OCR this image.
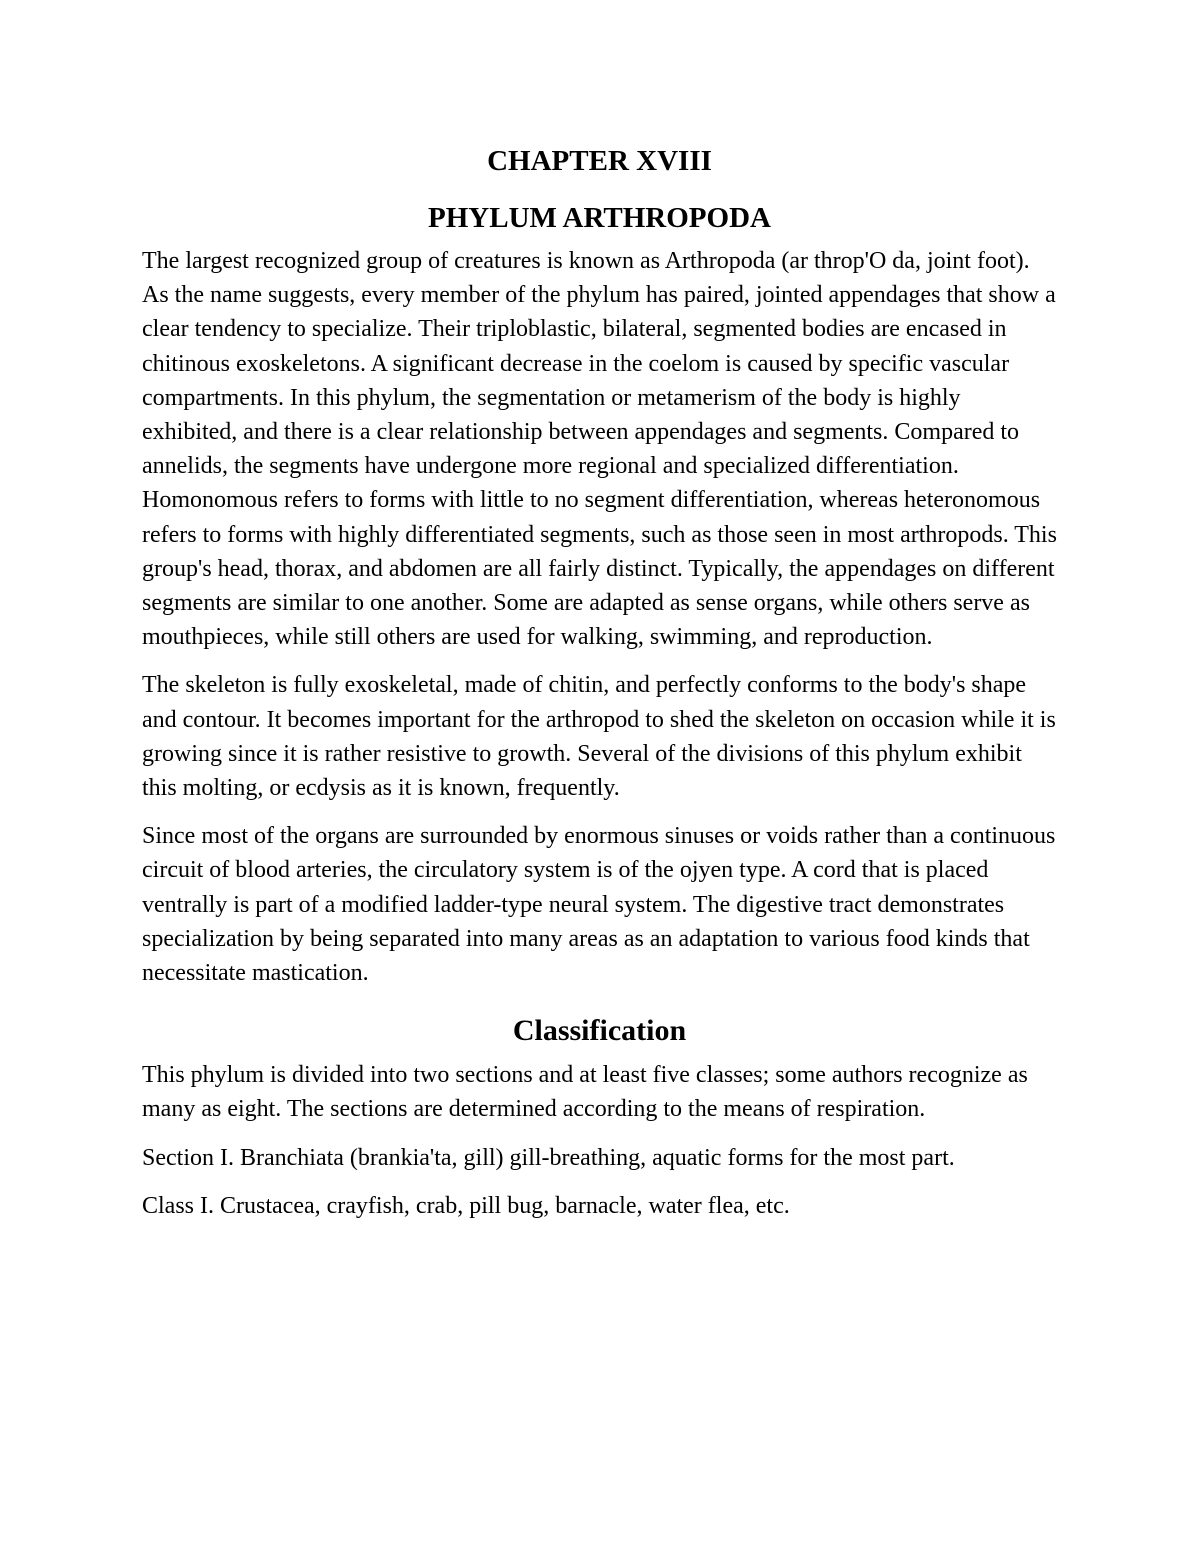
CHAPTER XVIII
PHYLUM ARTHROPODA

The largest recognized group of creatures is known as Arthropoda (ar throp'O da, joint foot). As the name suggests, every member of the phylum has paired, jointed appendages that show a clear tendency to specialize. Their triploblastic, bilateral, segmented bodies are encased in chitinous exoskeletons. A significant decrease in the coelom is caused by specific vascular compartments. In this phylum, the segmentation or metamerism of the body is highly exhibited, and there is a clear relationship between appendages and segments. Compared to annelids, the segments have undergone more regional and specialized differentiation. Homonomous refers to forms with little to no segment differentiation, whereas heteronomous refers to forms with highly differentiated segments, such as those seen in most arthropods. This group's head, thorax, and abdomen are all fairly distinct. Typically, the appendages on different segments are similar to one another. Some are adapted as sense organs, while others serve as mouthpieces, while still others are used for walking, swimming, and reproduction.

The skeleton is fully exoskeletal, made of chitin, and perfectly conforms to the body's shape and contour. It becomes important for the arthropod to shed the skeleton on occasion while it is growing since it is rather resistive to growth. Several of the divisions of this phylum exhibit this molting, or ecdysis as it is known, frequently.

Since most of the organs are surrounded by enormous sinuses or voids rather than a continuous circuit of blood arteries, the circulatory system is of the ojyen type. A cord that is placed ventrally is part of a modified ladder-type neural system. The digestive tract demonstrates specialization by being separated into many areas as an adaptation to various food kinds that necessitate mastication.

Classification

This phylum is divided into two sections and at least five classes; some authors recognize as many as eight. The sections are determined according to the means of respiration.

Section I. Branchiata (brankia'ta, gill) gill-breathing, aquatic forms for the most part.

Class I. Crustacea, crayfish, crab, pill bug, barnacle, water flea, etc.
